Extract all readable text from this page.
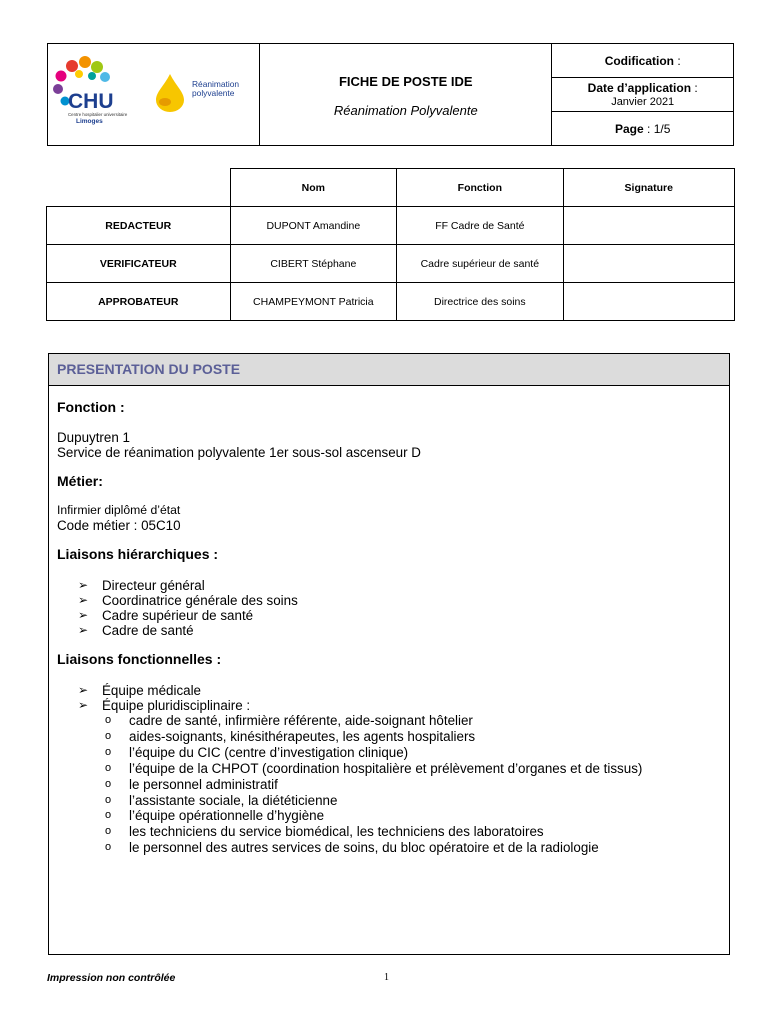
CHU
Centre hospitalier universitaire
Limoges
Réanimation
polyvalente

FICHE DE POSTE IDE
Réanimation Polyvalente
	Codification :
Date d’application :
Janvier 2021

Page : 1/5
	Nom	Fonction	Signature
REDACTEUR	DUPONT Amandine	FF Cadre de Santé	
VERIFICATEUR	CIBERT Stéphane	Cadre supérieur de santé	
APPROBATEUR	CHAMPEYMONT Patricia	Directrice des soins	
PRESENTATION DU POSTE

Fonction :

Dupuytren 1

Service de réanimation polyvalente 1er sous-sol ascenseur D

Métier:

Infirmier diplômé d’état

Code métier : 05C10

Liaisons hiérarchiques :

➢ Directeur général
➢ Coordinatrice générale des soins
➢ Cadre supérieur de santé
➢ Cadre de santé

Liaisons fonctionnelles :

➢ Équipe médicale
➢ Équipe pluridisciplinaire :
o cadre de santé, infirmière référente, aide-soignant hôtelier
o aides-soignants, kinésithérapeutes, les agents hospitaliers
o l’équipe du CIC (centre d’investigation clinique)
o l’équipe de la CHPOT (coordination hospitalière et prélèvement d’organes et de tissus)
o le personnel administratif
o l’assistante sociale, la diététicienne
o l’équipe opérationnelle d’hygiène
o les techniciens du service biomédical, les techniciens des laboratoires
o le personnel des autres services de soins, du bloc opératoire et de la radiologie
Impression non contrôlée	1
